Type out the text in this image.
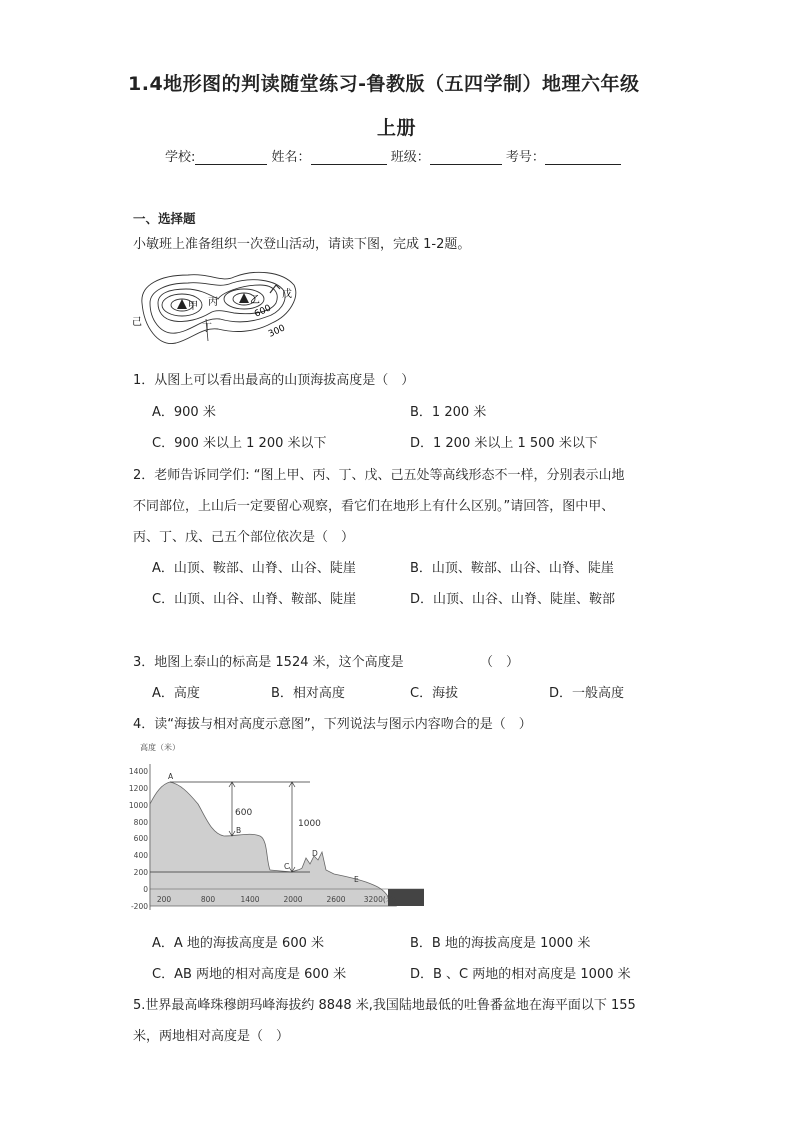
1.4地形图的判读随堂练习-鲁教版（五四学制）地理六年级
上册
学校:	姓名：	班级：	考号：
一、选择题
小敏班上准备组织一次登山活动，请读下图，完成 1-2题。
甲
乙
丙
丁
戊
己
600
300
1．从图上可以看出最高的山顶海拔高度是（　）
A．900 米	B．1 200 米
C．900 米以上 1 200 米以下	D．1 200 米以上 1 500 米以下
2．老师告诉同学们: “图上甲、丙、丁、戊、己五处等高线形态不一样，分别表示山地
不同部位，上山后一定要留心观察，看它们在地形上有什么区别。”请回答，图中甲、
丙、丁、戊、己五个部位依次是（　）
A．山顶、鞍部、山脊、山谷、陡崖	B．山顶、鞍部、山谷、山脊、陡崖
C．山顶、山谷、山脊、鞍部、陡崖	D．山顶、山谷、山脊、陡崖、鞍部
3．地图上泰山的标高是 1524 米，这个高度是	（　）
A．高度	B．相对高度	C．海拔	D．一般高度
4．读“海拔与相对高度示意图”，下列说法与图示内容吻合的是（　）
高度（米）
1400
1200
1000
800
600
400
200
0
-200
600
1000
A
B
C
D
E
200	800	1400	2000	2600 3200(米)
A．A 地的海拔高度是 600 米	B．B 地的海拔高度是 1000 米
C．AB 两地的相对高度是 600 米	D．B 、C 两地的相对高度是 1000 米
5.世界最高峰珠穆朗玛峰海拔约 8848 米,我国陆地最低的吐鲁番盆地在海平面以下 155
米，两地相对高度是（　）
